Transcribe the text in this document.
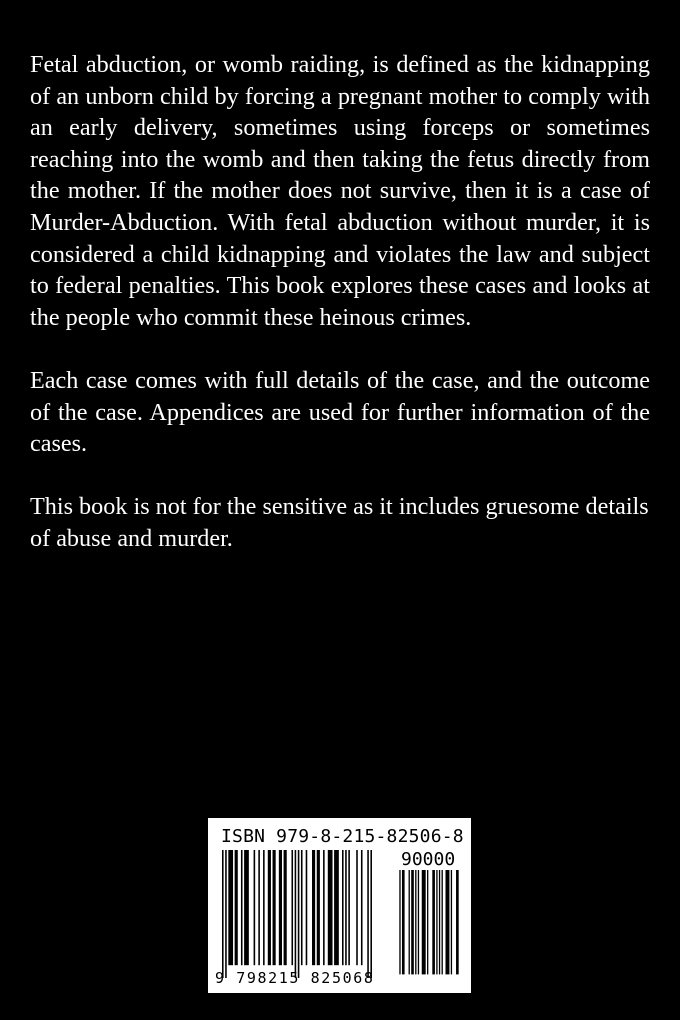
Fetal abduction, or womb raiding, is defined as the kidnapping of an unborn child by forcing a pregnant mother to comply with an early delivery, sometimes using forceps or sometimes reaching into the womb and then taking the fetus directly from the mother. If the mother does not survive, then it is a case of Murder-Abduction. With fetal abduction without murder, it is considered a child kidnapping and violates the law and subject to federal penalties. This book explores these cases and looks at the people who commit these heinous crimes.

Each case comes with full details of the case, and the outcome of the case. Appendices are used for further information of the cases.

This book is not for the sensitive as it includes gruesome details of abuse and murder.

ISBN 979-8-215-82506-8
90000
9 798215 825068
